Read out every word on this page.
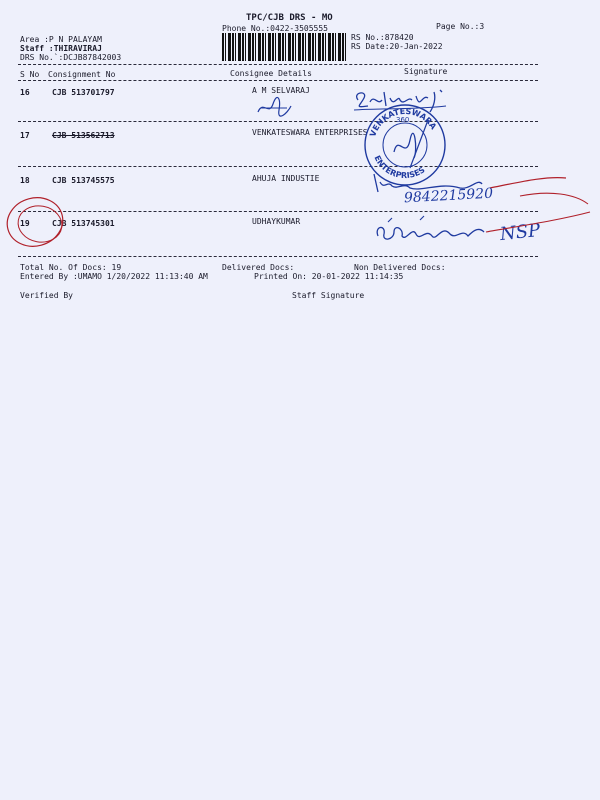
TPC/CJB DRS - MO
Phone No.:0422-3505555	Page No.:3
Area :P N PALAYAM
Staff :THIRAVIRAJ
DRS No.`:DCJB87842003
RS No.:878420
RS Date:20-Jan-2022
S No Consignment No	Consignee Details	Signature
16	CJB 513701797	A M SELVARAJ
17	CJB 513562713	VENKATESWARA ENTERPRISES
18	CJB 513745575	AHUJA INDUSTIE
19	CJB 513745301	UDHAYKUMAR
VENKATESWARA
ENTERPRISES
360
9842215920
NSP
Total No. Of Docs: 19	Delivered Docs:	Non Delivered Docs:
Entered By :UMAMO 1/20/2022 11:13:40 AM	Printed On: 20-01-2022 11:14:35
Verified By	Staff Signature
